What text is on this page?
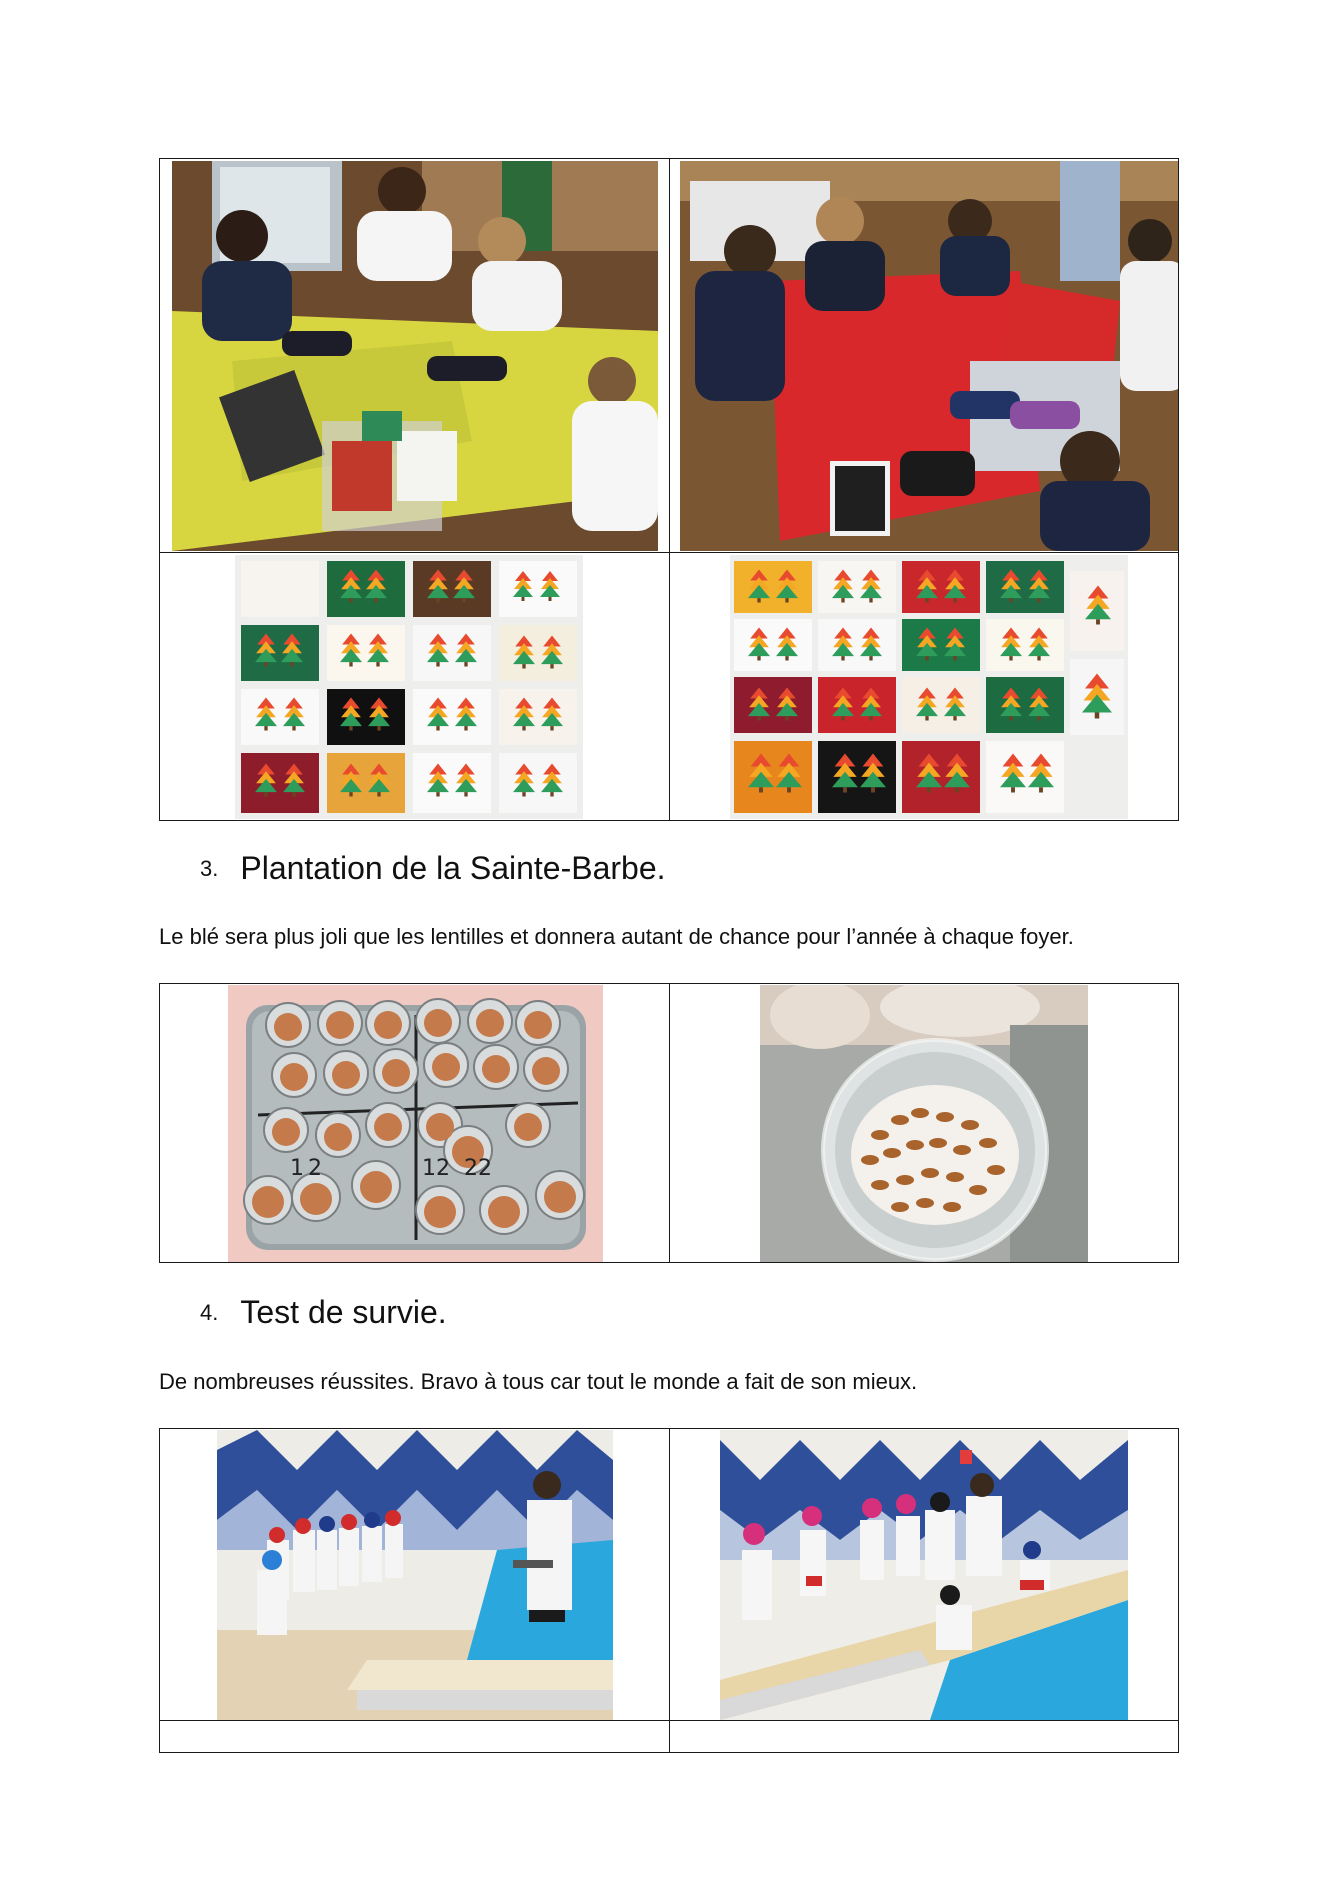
3. Plantation de la Sainte-Barbe.
Le blé sera plus joli que les lentilles et donnera autant de chance pour l’année à chaque foyer.
1 2	12 22

4. Test de survie.
De nombreuses réussites. Bravo à tous car tout le monde a fait de son mieux.
